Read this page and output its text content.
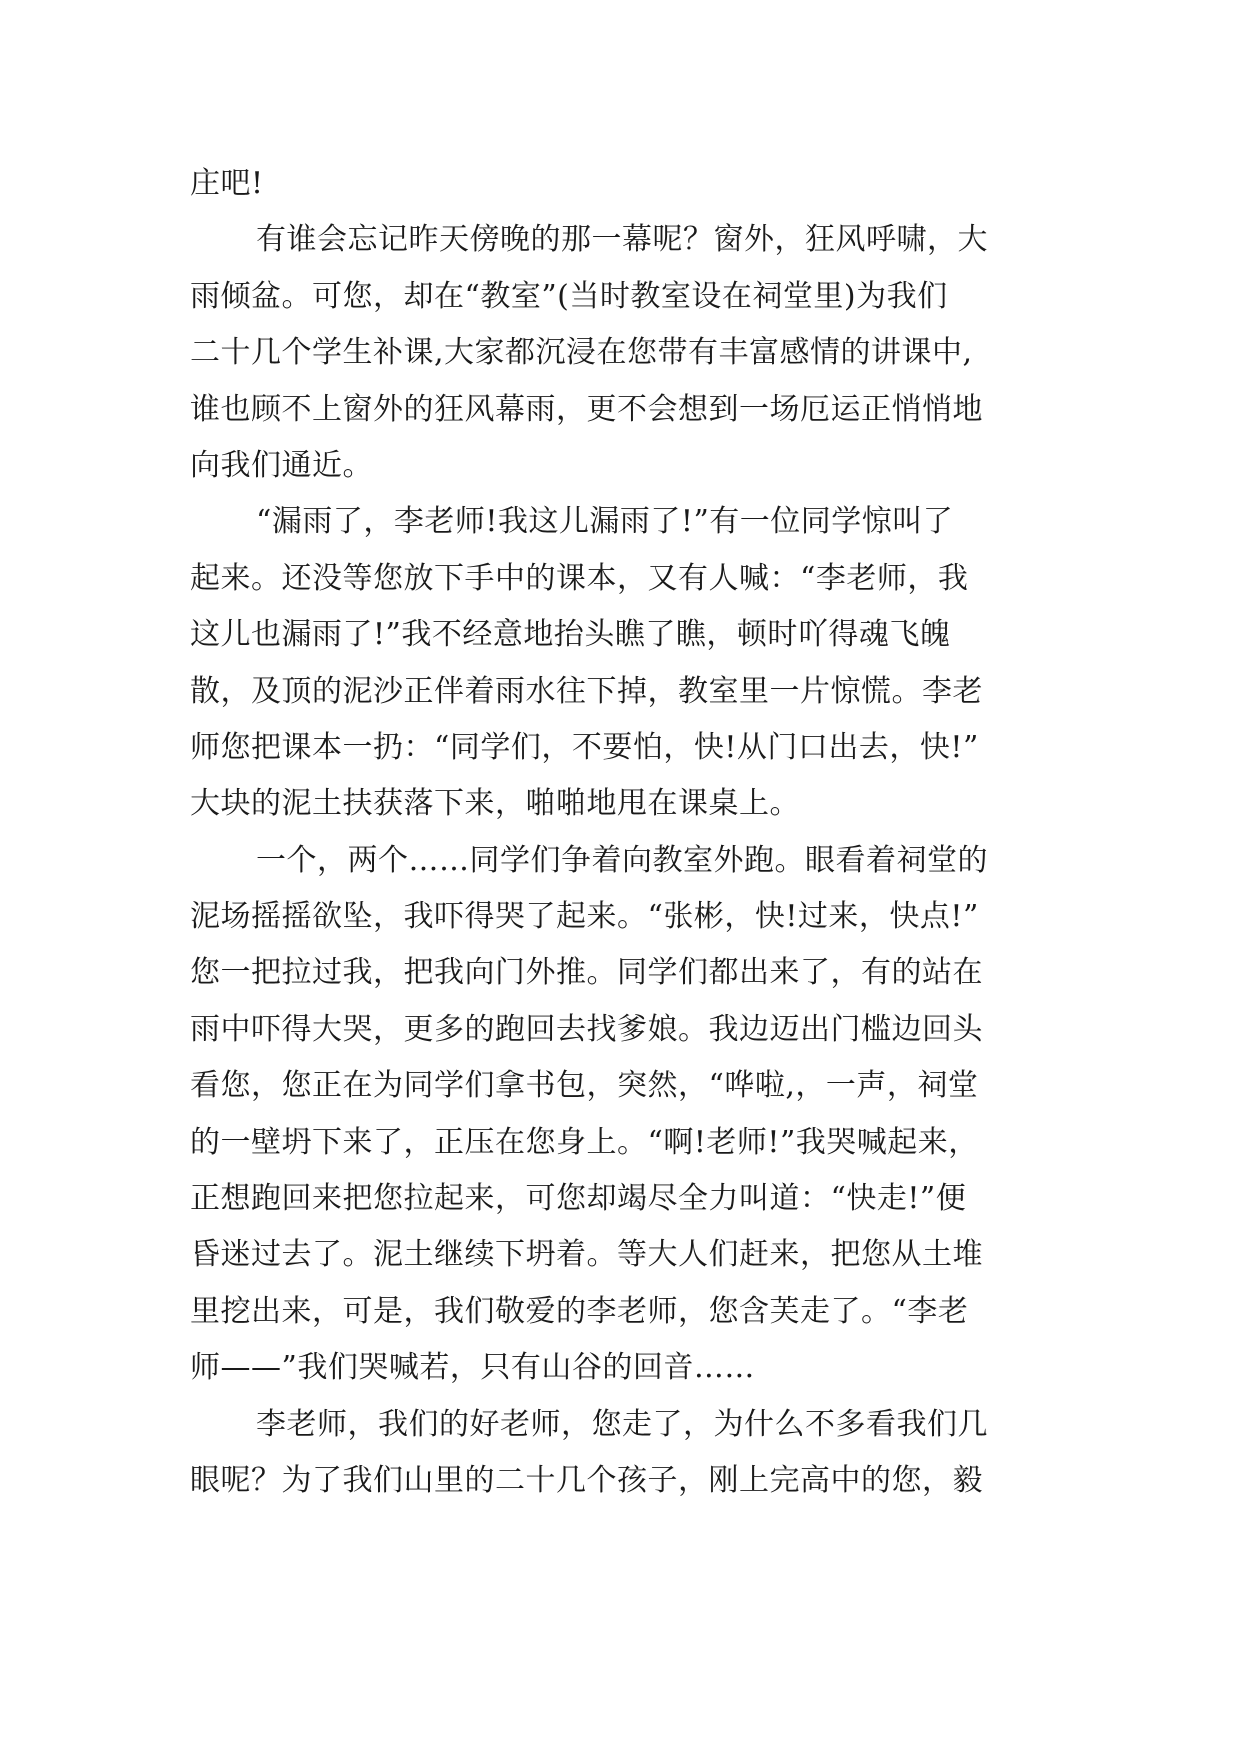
庄吧!
有谁会忘记昨天傍晚的那一幕呢？窗外，狂风呼啸，大
雨倾盆。可您，却在“教室”(当时教室设在祠堂里)为我们
二十几个学生补课,大家都沉浸在您带有丰富感情的讲课中,
谁也顾不上窗外的狂风幕雨，更不会想到一场厄运正悄悄地
向我们通近。
“漏雨了，李老师!我这儿漏雨了!”有一位同学惊叫了
起来。还没等您放下手中的课本，又有人喊：“李老师，我
这儿也漏雨了!”我不经意地抬头瞧了瞧，顿时吖得魂飞魄
散，及顶的泥沙正伴着雨水往下掉，教室里一片惊慌。李老
师您把课本一扔：“同学们，不要怕，快!从门口出去，快!”
大块的泥土扶获落下来，啪啪地甩在课桌上。
一个，两个……同学们争着向教室外跑。眼看着祠堂的
泥场摇摇欲坠，我吓得哭了起来。“张彬，快!过来，快点!”
您一把拉过我，把我向门外推。同学们都出来了，有的站在
雨中吓得大哭，更多的跑回去找爹娘。我边迈出门槛边回头
看您，您正在为同学们拿书包，突然，“哗啦,，一声，祠堂
的一壁坍下来了，正压在您身上。“啊!老师!”我哭喊起来，
正想跑回来把您拉起来，可您却竭尽全力叫道：“快走!”便
昏迷过去了。泥土继续下坍着。等大人们赶来，把您从土堆
里挖出来，可是，我们敬爱的李老师，您含芙走了。“李老
师——”我们哭喊若，只有山谷的回音……
李老师，我们的好老师，您走了，为什么不多看我们几
眼呢？为了我们山里的二十几个孩子，刚上完高中的您，毅
